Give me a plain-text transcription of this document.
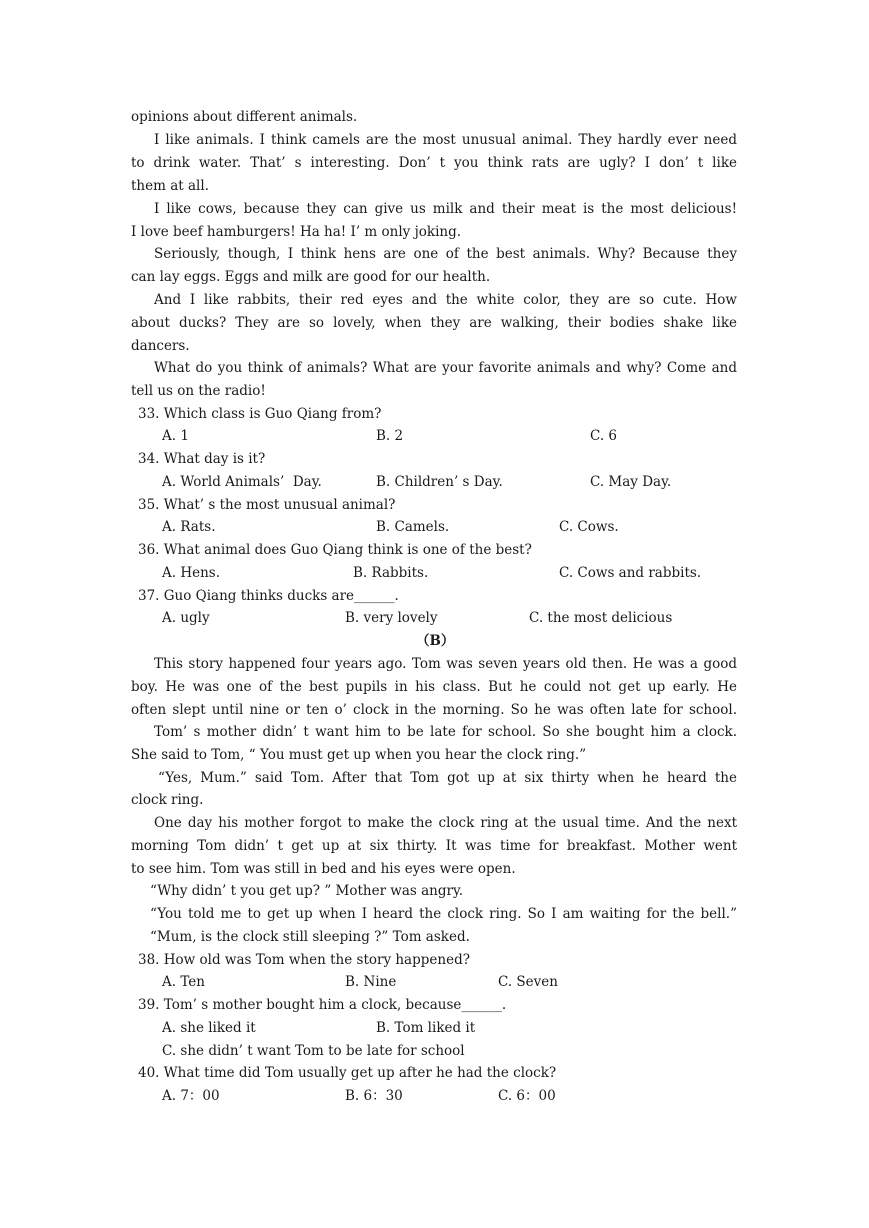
opinions about different animals.
I like animals. I think camels are the most unusual animal. They hardly ever need
to drink water. That’ s interesting. Don’ t you think rats are ugly? I don’ t like
them at all.
I like cows, because they can give us milk and their meat is the most delicious!
I love beef hamburgers! Ha ha! I’ m only joking.
Seriously, though, I think hens are one of the best animals. Why? Because they
can lay eggs. Eggs and milk are good for our health.
And I like rabbits, their red eyes and the white color, they are so cute. How
about ducks? They are so lovely, when they are walking, their bodies shake like
dancers.
What do you think of animals? What are your favorite animals and why? Come and
tell us on the radio!
33. Which class is Guo Qiang from?
A. 1	B. 2	C. 6
34. What day is it?
A. World Animals’  Day.	B. Children’ s Day.	C. May Day.
35. What’ s the most unusual animal?
A. Rats.	B. Camels.	C. Cows.
36. What animal does Guo Qiang think is one of the best?
A. Hens.	B. Rabbits.	C. Cows and rabbits.
37. Guo Qiang thinks ducks are______.
A. ugly	B. very lovely	C. the most delicious
（B）
This story happened four years ago. Tom was seven years old then. He was a good
boy. He was one of the best pupils in his class. But he could not get up early. He
often slept until nine or ten o’ clock in the morning. So he was often late for school.
Tom’ s mother didn’ t want him to be late for school. So she bought him a clock.
She said to Tom, “ You must get up when you hear the clock ring.”
“Yes, Mum.” said Tom. After that Tom got up at six thirty when he heard the
clock ring.
One day his mother forgot to make the clock ring at the usual time. And the next
morning Tom didn’ t get up at six thirty. It was time for breakfast. Mother went
to see him. Tom was still in bed and his eyes were open.
“Why didn’ t you get up? ” Mother was angry.
“You told me to get up when I heard the clock ring. So I am waiting for the bell.”
“Mum, is the clock still sleeping ?” Tom asked.
38. How old was Tom when the story happened?
A. Ten	B. Nine	C. Seven
39. Tom’ s mother bought him a clock, because______.
A. she liked it	B. Tom liked it
C. she didn’ t want Tom to be late for school
40. What time did Tom usually get up after he had the clock?
A. 7：00	B. 6：30	C. 6：00
